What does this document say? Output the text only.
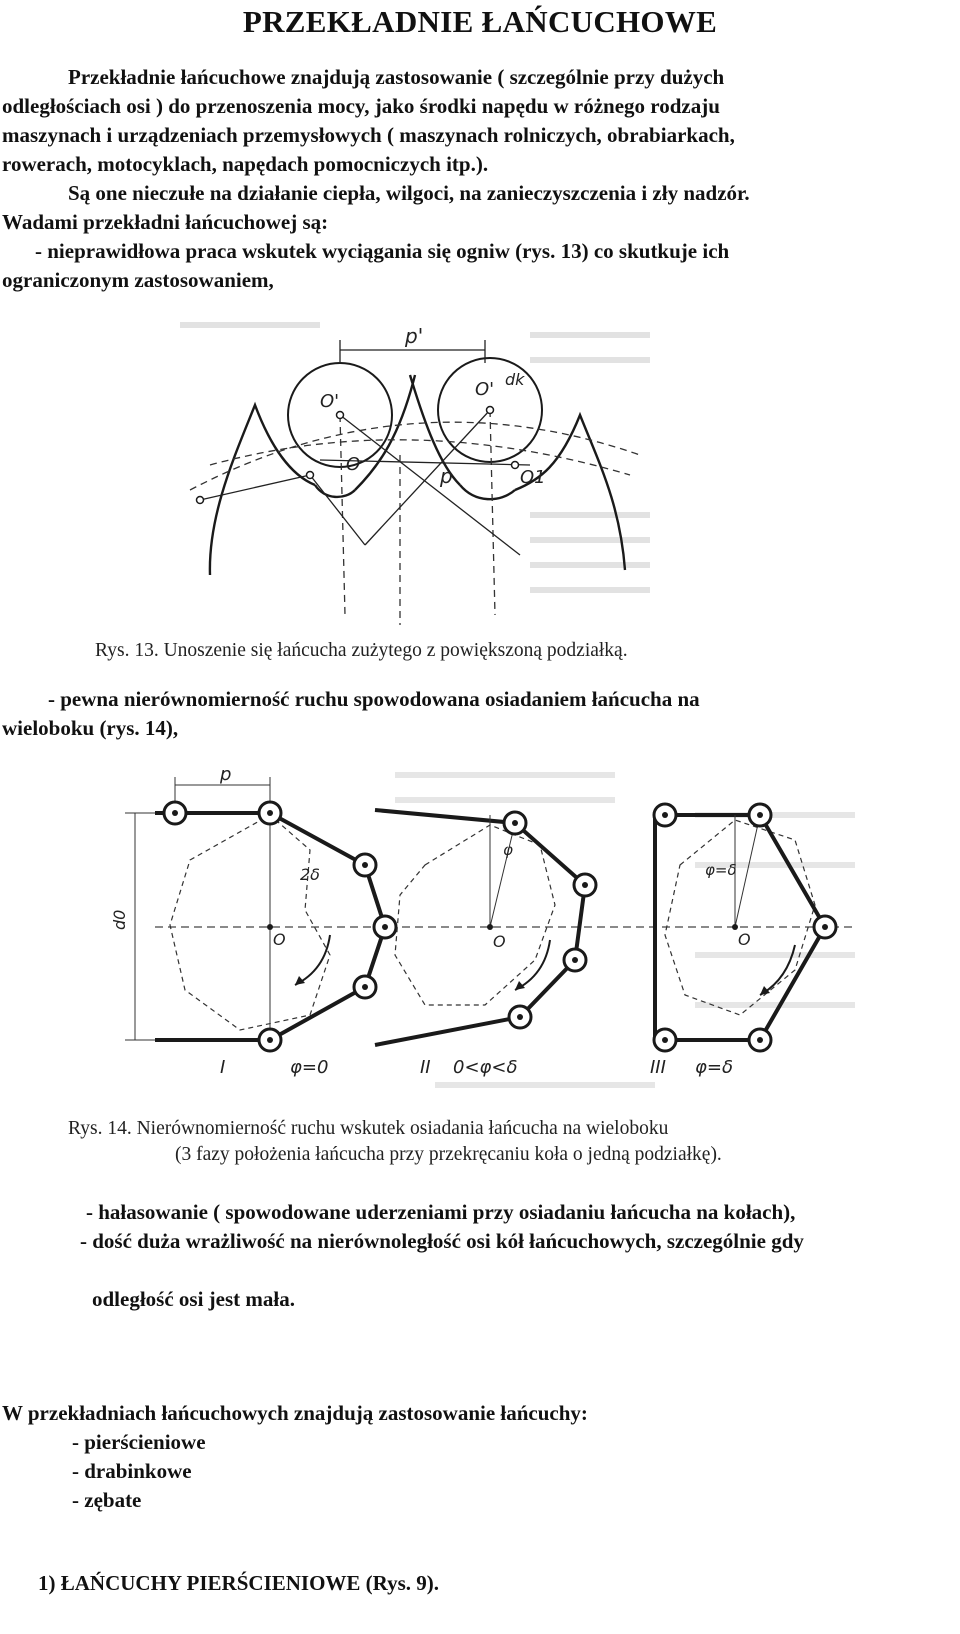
PRZEKŁADNIE ŁAŃCUCHOWE

Przekładnie łańcuchowe znajdują zastosowanie ( szczególnie przy dużych

odległościach osi ) do przenoszenia mocy, jako środki napędu w różnego rodzaju

maszynach i urządzeniach przemysłowych ( maszynach rolniczych, obrabiarkach,

rowerach, motocyklach, napędach pomocniczych itp.).

Są one nieczułe na działanie ciepła, wilgoci, na zanieczyszczenia i zły nadzór.

Wadami przekładni łańcuchowej są:

- nieprawidłowa praca wskutek wyciągania się ogniw (rys. 13) co skutkuje ich

ograniczonym zastosowaniem,

p'
O'
O' dk
O	p	O1

Rys. 13. Unoszenie się łańcucha zużytego z powiększoną podziałką.

- pewna nierównomierność ruchu spowodowana osiadaniem łańcucha na

wieloboku (rys. 14),

p
d0
2δ
O
φ
O
φ=δ
O
I	φ=0	II 0<φ<δ	III φ=δ

Rys. 14. Nierównomierność ruchu wskutek osiadania łańcucha na wieloboku

(3 fazy położenia łańcucha przy przekręcaniu koła o jedną podziałkę).

- hałasowanie ( spowodowane uderzeniami przy osiadaniu łańcucha na kołach),

- dość duża wrażliwość na nierównoległość osi kół łańcuchowych, szczególnie gdy

odległość osi jest mała.

W przekładniach łańcuchowych znajdują zastosowanie łańcuchy:

- pierścieniowe

- drabinkowe

- zębate

1) ŁAŃCUCHY PIERŚCIENIOWE (Rys. 9).
